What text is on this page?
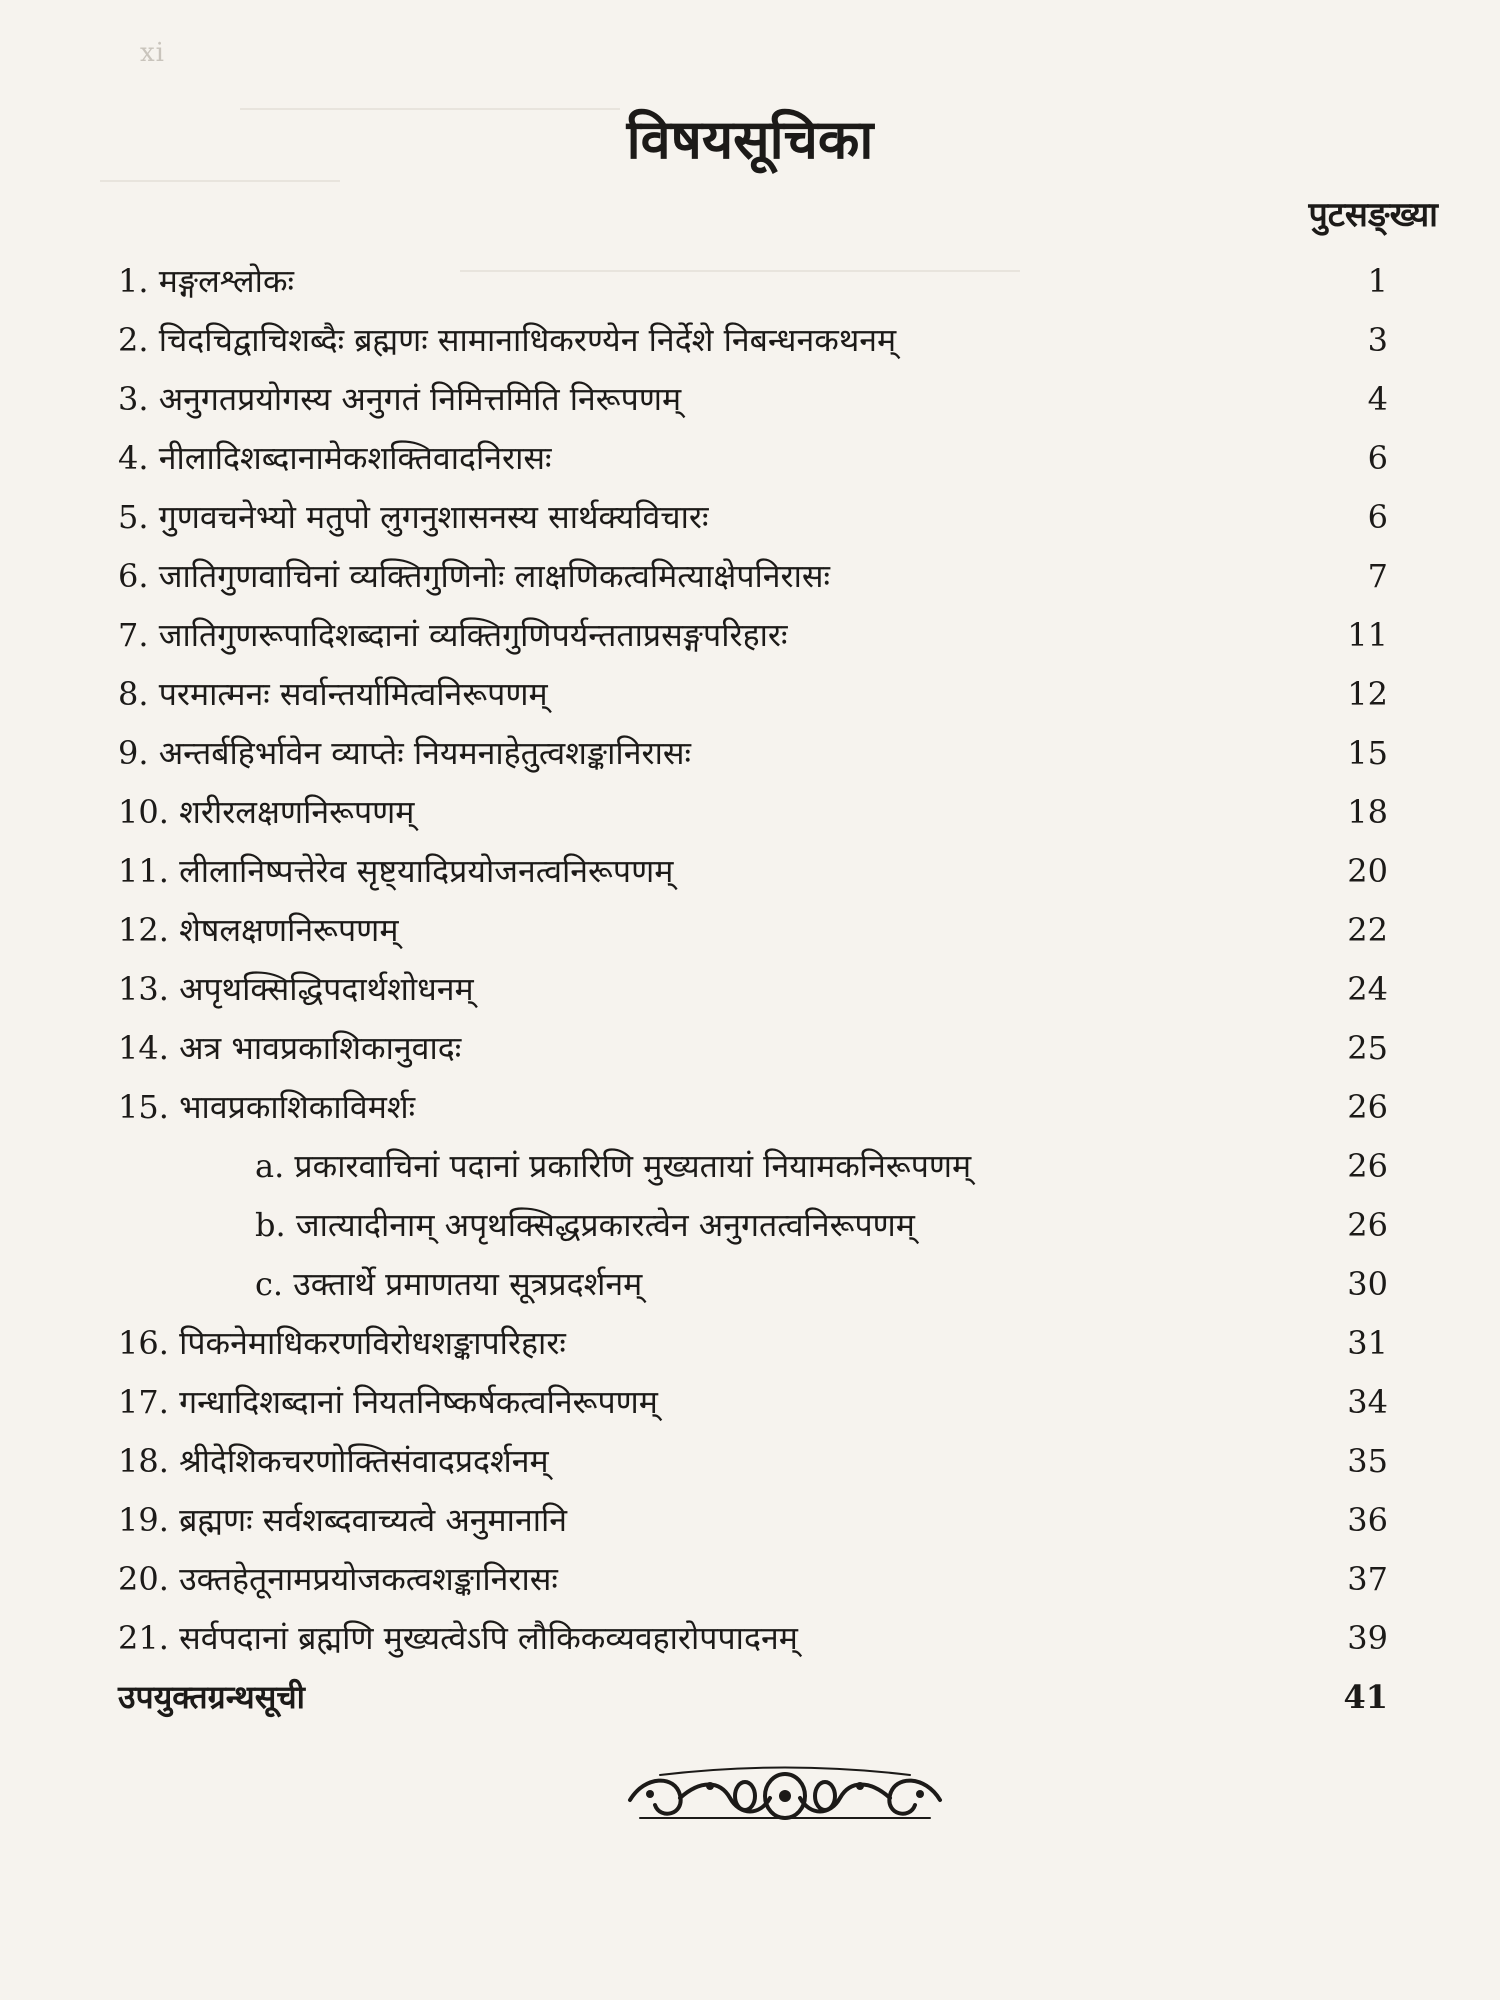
xi
विषयसूचिका
पुटसङ्ख्या
1. मङ्गलश्लोकः	1
2. चिदचिद्वाचिशब्दैः ब्रह्मणः सामानाधिकरण्येन निर्देशे निबन्धनकथनम्	3
3. अनुगतप्रयोगस्य अनुगतं निमित्तमिति निरूपणम्	4
4. नीलादिशब्दानामेकशक्तिवादनिरासः	6
5. गुणवचनेभ्यो मतुपो लुगनुशासनस्य सार्थक्यविचारः	6
6. जातिगुणवाचिनां व्यक्तिगुणिनोः लाक्षणिकत्वमित्याक्षेपनिरासः	7
7. जातिगुणरूपादिशब्दानां व्यक्तिगुणिपर्यन्तताप्रसङ्गपरिहारः	11
8. परमात्मनः सर्वान्तर्यामित्वनिरूपणम्	12
9. अन्तर्बहिर्भावेन व्याप्तेः नियमनाहेतुत्वशङ्कानिरासः	15
10. शरीरलक्षणनिरूपणम्	18
11. लीलानिष्पत्तेरेव सृष्ट्यादिप्रयोजनत्वनिरूपणम्	20
12. शेषलक्षणनिरूपणम्	22
13. अपृथक्सिद्धिपदार्थशोधनम्	24
14. अत्र भावप्रकाशिकानुवादः	25
15. भावप्रकाशिकाविमर्शः	26
a. प्रकारवाचिनां पदानां प्रकारिणि मुख्यतायां नियामकनिरूपणम्	26
b. जात्यादीनाम् अपृथक्सिद्धप्रकारत्वेन अनुगतत्वनिरूपणम्	26
c. उक्तार्थे प्रमाणतया सूत्रप्रदर्शनम्	30
16. पिकनेमाधिकरणविरोधशङ्कापरिहारः	31
17. गन्धादिशब्दानां नियतनिष्कर्षकत्वनिरूपणम्	34
18. श्रीदेशिकचरणोक्तिसंवादप्रदर्शनम्	35
19. ब्रह्मणः सर्वशब्दवाच्यत्वे अनुमानानि	36
20. उक्तहेतूनामप्रयोजकत्वशङ्कानिरासः	37
21. सर्वपदानां ब्रह्मणि मुख्यत्वेऽपि लौकिकव्यवहारोपपादनम्	39
उपयुक्तग्रन्थसूची	41
